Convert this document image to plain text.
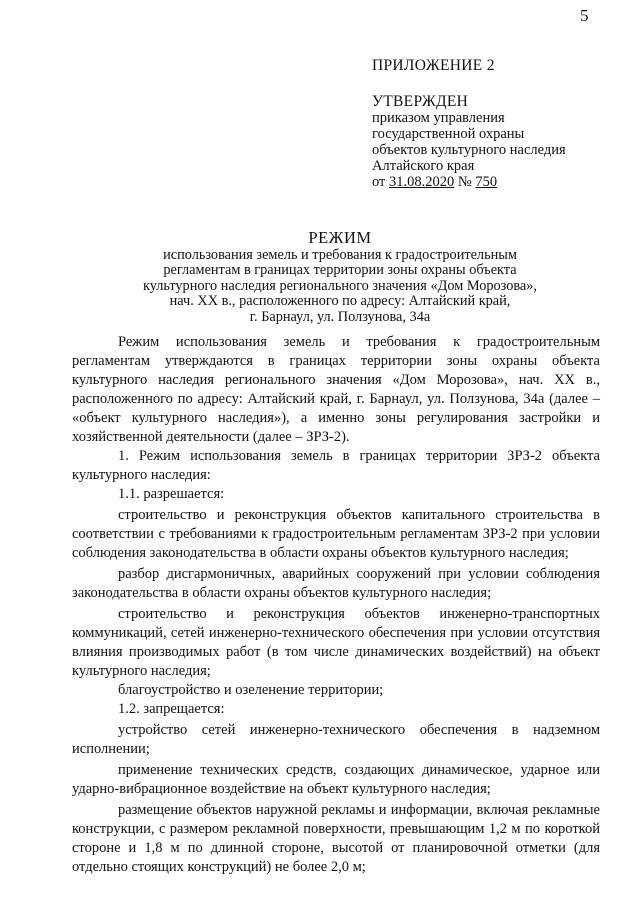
5
ПРИЛОЖЕНИЕ 2
УТВЕРЖДЕН
приказом управления
государственной охраны
объектов культурного наследия
Алтайского края
от 31.08.2020 № 750
РЕЖИМ
использования земель и требования к градостроительным
регламентам в границах территории зоны охраны объекта
культурного наследия регионального значения «Дом Морозова»,
нач. XX в., расположенного по адресу: Алтайский край,
г. Барнаул, ул. Ползунова, 34а

Режим использования земель и требования к градостроительным регламентам утверждаются в границах территории зоны охраны объекта культурного наследия регионального значения «Дом Морозова», нач. XX в., расположенного по адресу: Алтайский край, г. Барнаул, ул. Ползунова, 34а (далее – «объект культурного наследия»), а именно зоны регулирования застройки и хозяйственной деятельности (далее – ЗРЗ-2).

1. Режим использования земель в границах территории ЗРЗ-2 объекта культурного наследия:

1.1. разрешается:

строительство и реконструкция объектов капитального строительства в соответствии с требованиями к градостроительным регламентам ЗРЗ-2 при условии соблюдения законодательства в области охраны объектов культурного наследия;

разбор дисгармоничных, аварийных сооружений при условии соблюдения законодательства в области охраны объектов культурного наследия;

строительство и реконструкция объектов инженерно-транспортных коммуникаций, сетей инженерно-технического обеспечения при условии отсутствия влияния производимых работ (в том числе динамических воздействий) на объект культурного наследия;

благоустройство и озеленение территории;

1.2. запрещается:

устройство сетей инженерно-технического обеспечения в надземном исполнении;

применение технических средств, создающих динамическое, ударное или ударно-вибрационное воздействие на объект культурного наследия;

размещение объектов наружной рекламы и информации, включая рекламные конструкции, с размером рекламной поверхности, превышающим 1,2 м по короткой стороне и 1,8 м по длинной стороне, высотой от планировочной отметки (для отдельно стоящих конструкций) не более 2,0 м;
